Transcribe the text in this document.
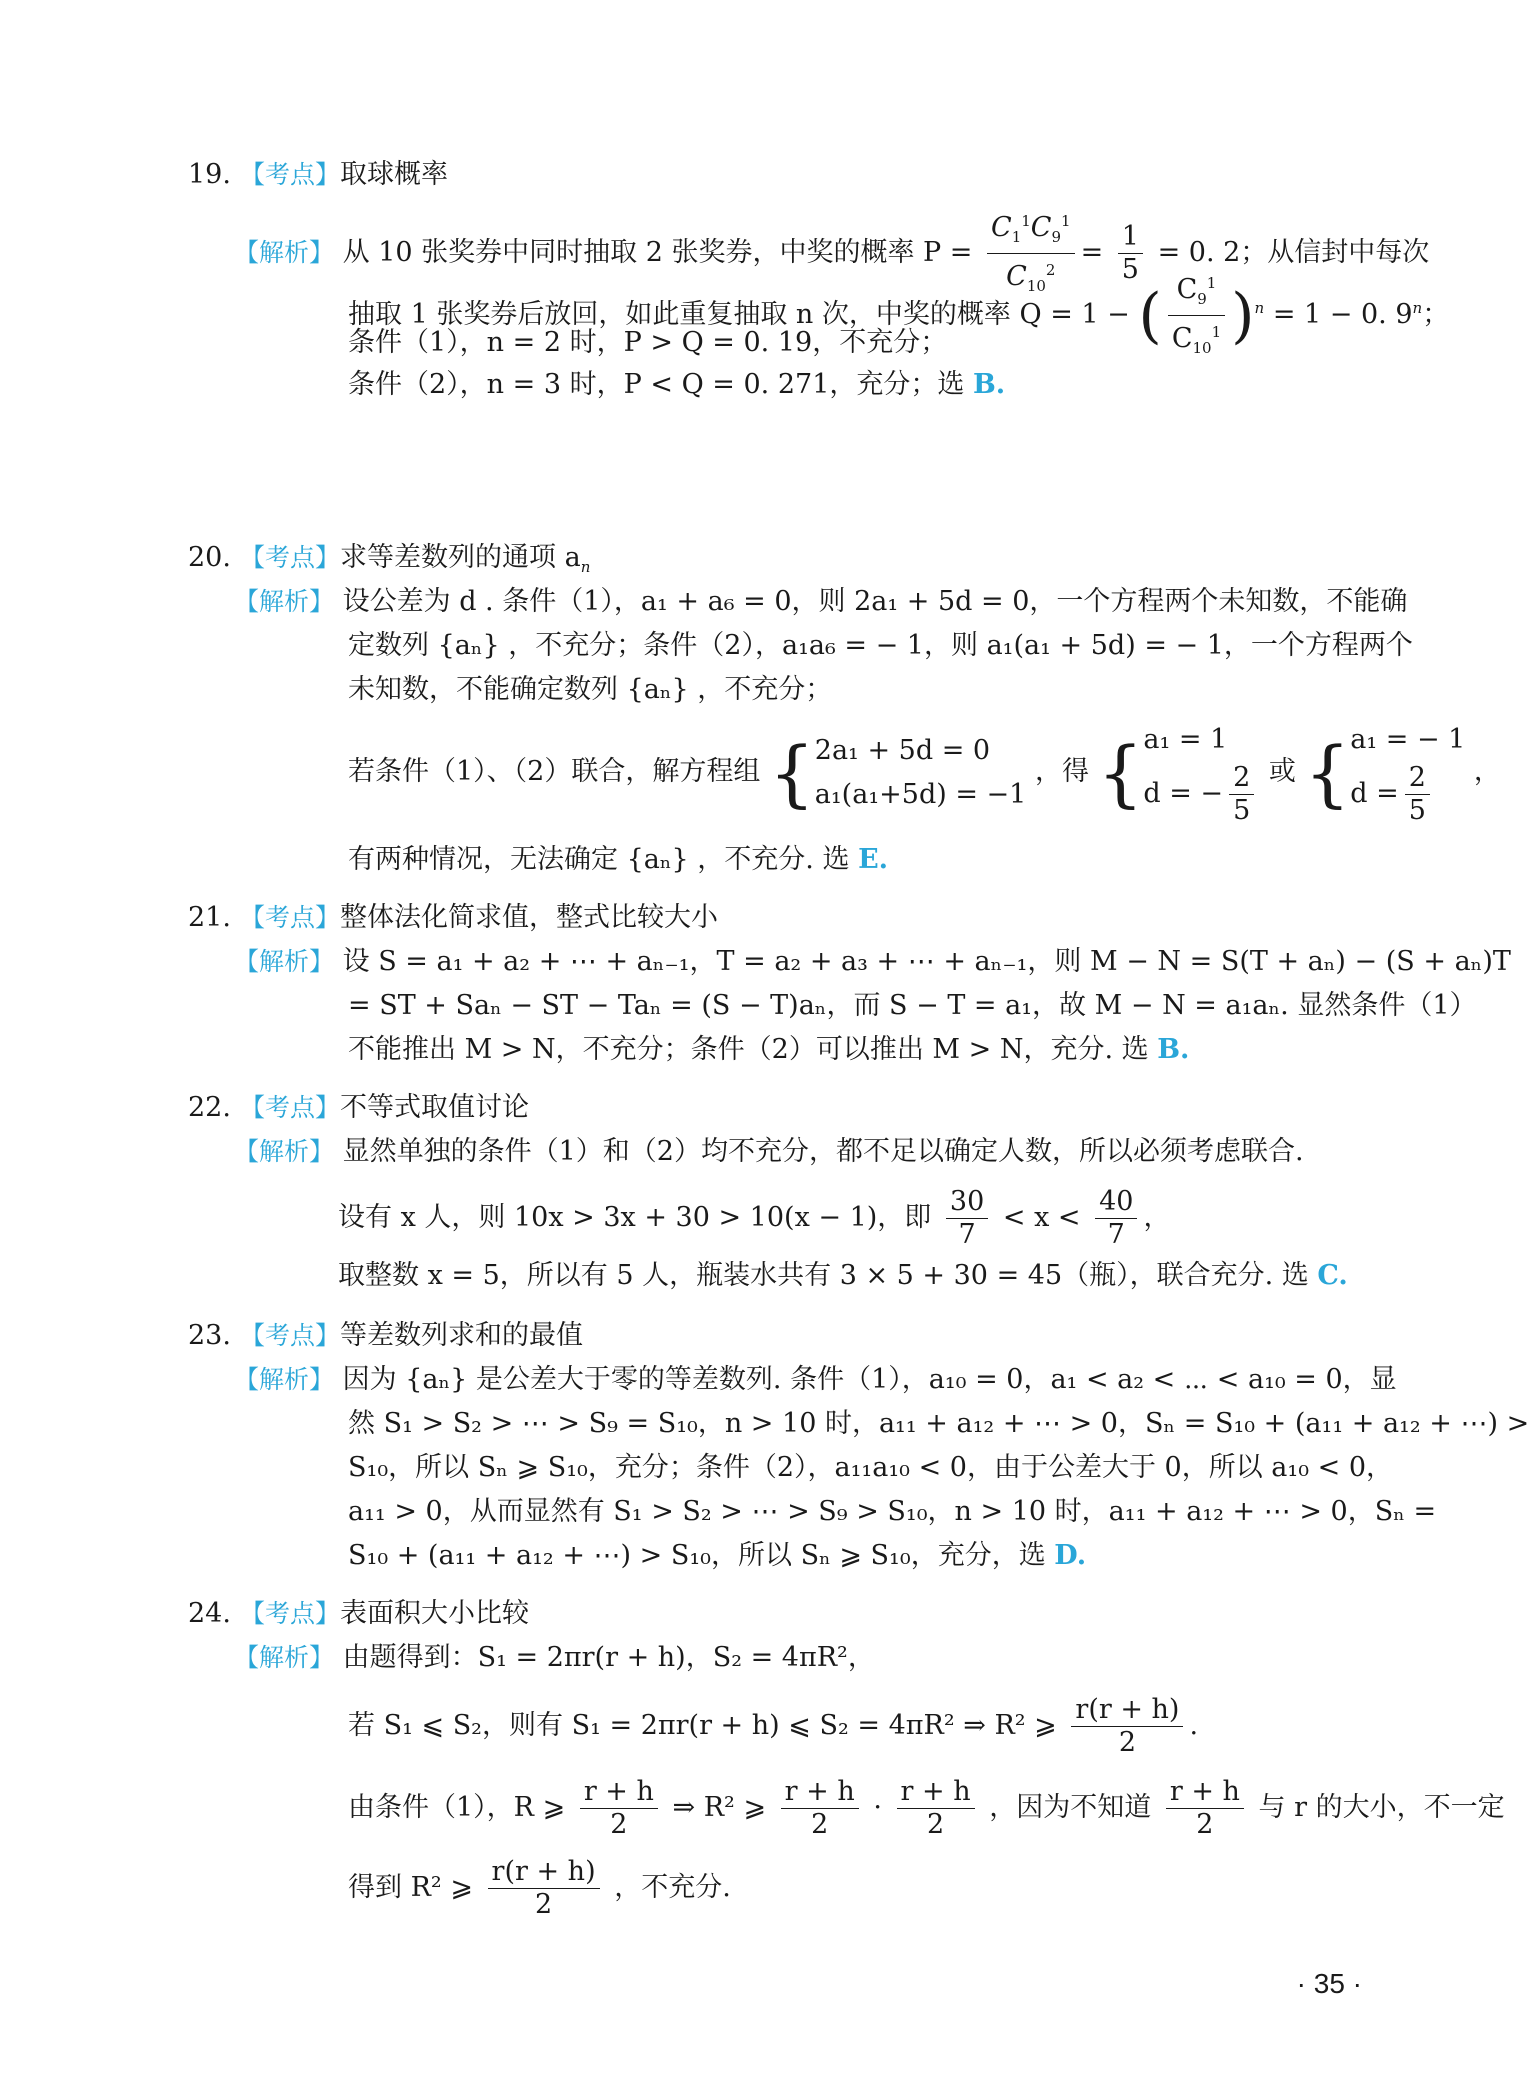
19. 【考点】取球概率
【解析】 从 10 张奖券中同时抽取 2 张奖券，中奖的概率 $P = \frac{C_1^1C_9^1}{C_{10}^2} = \frac{1}{5} = 0$. 2；从信封中每次
抽取 1 张奖券后放回，如此重复抽取 n 次，中奖的概率 Q = 1 − ( $\frac{C_9^1}{C_{10}^1} )^n = 1 - 0$. 9$^n$；
条件（1），n = 2 时，P > Q = 0. 19，不充分；
条件（2），n = 3 时，P < Q = 0. 271，充分；选 B.
20. 【考点】求等差数列的通项 $a_n$
【解析】 设公差为 d . 条件（1），a₁ + a₆ = 0，则 2a₁ + 5d = 0，一个方程两个未知数，不能确
定数列 {aₙ} ，不充分；条件（2），a₁a₆ = − 1，则 a₁(a₁ + 5d) = − 1，一个方程两个
未知数，不能确定数列 {aₙ} ，不充分；
若条件（1）、（2）联合，解方程组 {2a₁ + 5d = 0
a₁(a₁+5d) = −1 ，得 {a₁ = 1
d = − $\frac{2}{5}$ 或 {a₁ = − 1
$d = \frac{2}{5}$ ，
有两种情况，无法确定 {aₙ} ，不充分. 选 E.
21. 【考点】整体法化简求值，整式比较大小
【解析】 设 S = a₁ + a₂ + ⋯ + aₙ₋₁，T = a₂ + a₃ + ⋯ + aₙ₋₁，则 M − N = S(T + aₙ) − (S + aₙ)T
= ST + Saₙ − ST − Taₙ = (S − T)aₙ，而 S − T = a₁，故 M − N = a₁aₙ. 显然条件（1）
不能推出 M > N，不充分；条件（2）可以推出 M > N，充分. 选 B.
22. 【考点】不等式取值讨论
【解析】 显然单独的条件（1）和（2）均不充分，都不足以确定人数，所以必须考虑联合.
设有 x 人，则 10x > 3x + 30 > 10(x − 1)，即 $\frac{30}{7} < x < \frac{40}{7}$ ，
取整数 x = 5，所以有 5 人，瓶装水共有 3 × 5 + 30 = 45（瓶），联合充分. 选 C.
23. 【考点】等差数列求和的最值
【解析】 因为 {aₙ} 是公差大于零的等差数列. 条件（1），a₁₀ = 0，a₁ < a₂ < ⋯ < a₁₀ = 0，显
然 S₁ > S₂ > ⋯ > S₉ = S₁₀，n > 10 时，a₁₁ + a₁₂ + ⋯ > 0，Sₙ = S₁₀ + (a₁₁ + a₁₂ + ⋯) >
S₁₀，所以 Sₙ ⩾ S₁₀，充分；条件（2），a₁₁a₁₀ < 0，由于公差大于 0，所以 a₁₀ < 0，
a₁₁ > 0，从而显然有 S₁ > S₂ > ⋯ > S₉ > S₁₀，n > 10 时，a₁₁ + a₁₂ + ⋯ > 0，Sₙ =
S₁₀ + (a₁₁ + a₁₂ + ⋯) > S₁₀，所以 Sₙ ⩾ S₁₀，充分，选 D.
24. 【考点】表面积大小比较
【解析】 由题得到：S₁ = 2πr(r + h)，S₂ = 4πR²，
若 S₁ ⩽ S₂，则有 S₁ = 2πr(r + h) ⩽ S₂ = 4πR² ⇒ R² ⩾ $\frac{r(r + h)}{2}$ .
由条件（1），R ⩾ $\frac{r + h}{2}$ ⇒ R² ⩾ $\frac{r + h}{2} \cdot \frac{r + h}{2}$ ，因为不知道 $\frac{r + h}{2}$ 与 r 的大小，不一定
得到 R² ⩾ $\frac{r(r + h)}{2}$ ，不充分.
· 35 ·
